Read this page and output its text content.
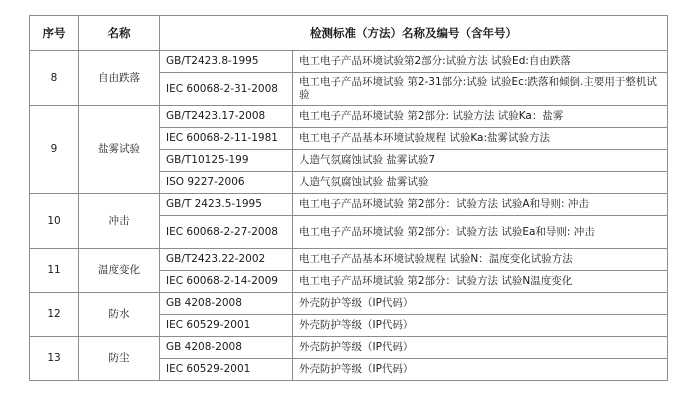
序号	名称	检测标准（方法）名称及编号（含年号）	
8	自由跌落	GB/T2423.8-1995	电工电子产品环境试验第2部分:试验方法 试验Ed:自由跌落
		IEC 60068-2-31-2008	电工电子产品环境试验 第2-31部分:试验 试验Ec:跌落和倾倒.主要用于整机试验
9	盐雾试验	GB/T2423.17-2008	电工电子产品环境试验 第2部分: 试验方法 试验Ka：盐雾
		IEC 60068-2-11-1981	电工电子产品基本环境试验规程 试验Ka:盐雾试验方法
		GB/T10125-199	人造气氛腐蚀试验 盐雾试验7
		ISO 9227-2006	人造气氛腐蚀试验 盐雾试验
10	冲击	GB/T 2423.5-1995	电工电子产品环境试验 第2部分：试验方法 试验A和导则: 冲击
		IEC 60068-2-27-2008	电工电子产品环境试验 第2部分：试验方法 试验Ea和导则: 冲击
11	温度变化	GB/T2423.22-2002	电工电子产品基本环境试验规程 试验N：温度变化试验方法
		IEC 60068-2-14-2009	电工电子产品环境试验 第2部分：试验方法 试验N温度变化
12	防水	GB 4208-2008	外壳防护等级（IP代码）
		IEC 60529-2001	外壳防护等级（IP代码）
13	防尘	GB 4208-2008	外壳防护等级（IP代码）
		IEC 60529-2001	外壳防护等级（IP代码）
